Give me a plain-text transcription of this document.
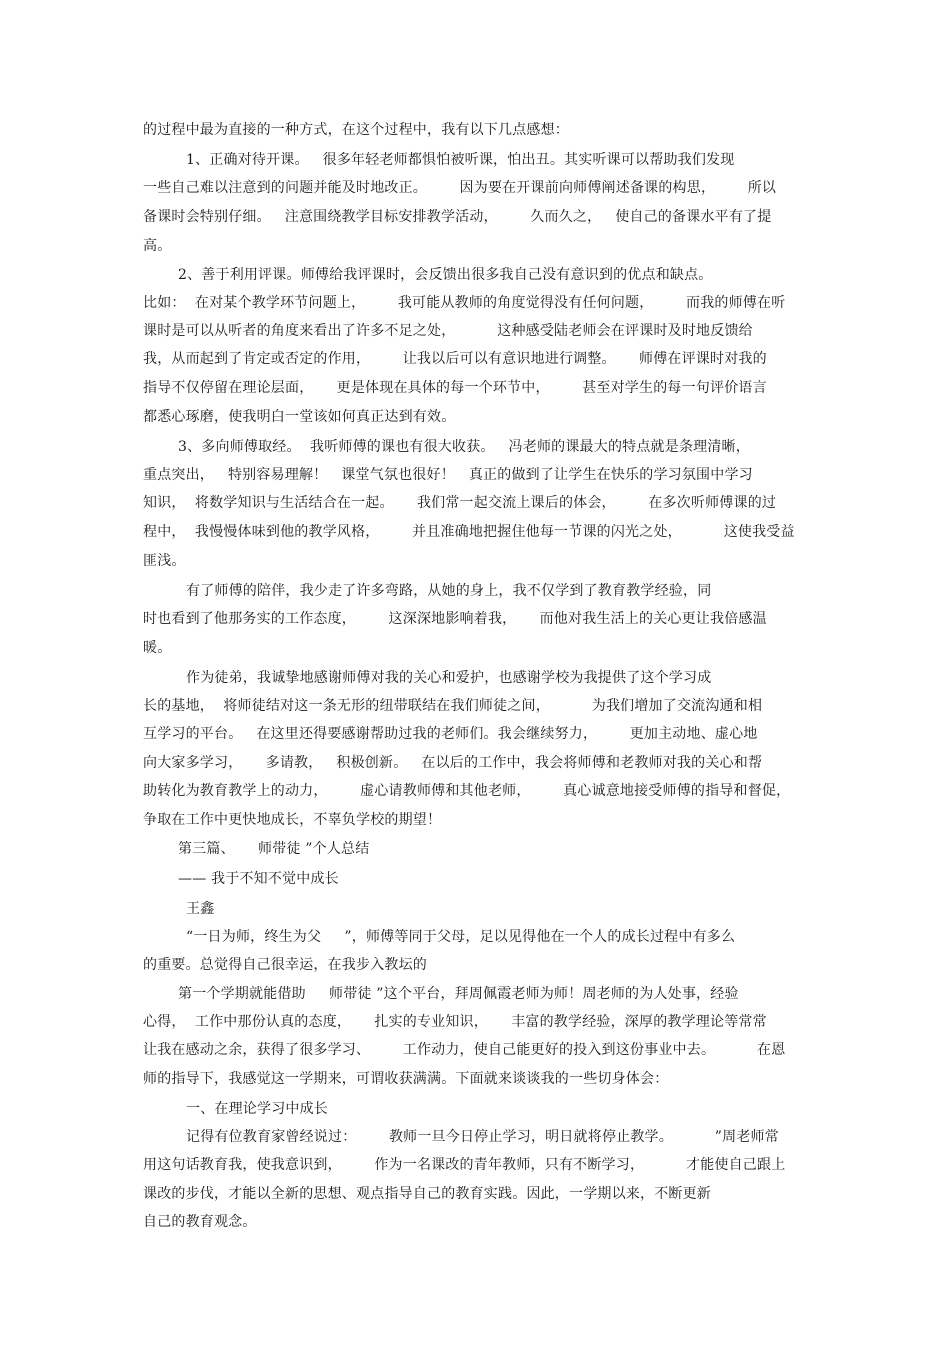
的过程中最为直接的一种方式，在这个过程中，我有以下几点感想：
1、正确对待开课。   很多年轻老师都惧怕被听课，怕出丑。其实听课可以帮助我们发现
一些自己难以注意到的问题并能及时地改正。       因为要在开课前向师傅阐述备课的构思，       所以
备课时会特别仔细。   注意围绕教学目标安排教学活动，       久而久之，   使自己的备课水平有了提
高。
2、善于利用评课。师傅给我评课时，会反馈出很多我自己没有意识到的优点和缺点。
比如：  在对某个教学环节问题上，       我可能从教师的角度觉得没有任何问题，       而我的师傅在听
课时是可以从听者的角度来看出了许多不足之处，         这种感受陆老师会在评课时及时地反馈给
我，从而起到了肯定或否定的作用，       让我以后可以有意识地进行调整。     师傅在评课时对我的
指导不仅停留在理论层面，     更是体现在具体的每一个环节中，       甚至对学生的每一句评价语言
都悉心琢磨，使我明白一堂该如何真正达到有效。
3、多向师傅取经。  我听师傅的课也有很大收获。   冯老师的课最大的特点就是条理清晰，
重点突出，   特别容易理解！   课堂气氛也很好！   真正的做到了让学生在快乐的学习氛围中学习
知识，  将数学知识与生活结合在一起。     我们常一起交流上课后的体会，       在多次听师傅课的过
程中，  我慢慢体味到他的教学风格，       并且准确地把握住他每一节课的闪光之处，         这使我受益
匪浅。
有了师傅的陪伴，我少走了许多弯路，从她的身上，我不仅学到了教育教学经验，同
时也看到了他那务实的工作态度，       这深深地影响着我，     而他对我生活上的关心更让我倍感温
暖。
作为徒弟，我诚挚地感谢师傅对我的关心和爱护，也感谢学校为我提供了这个学习成
长的基地，  将师徒结对这一条无形的纽带联结在我们师徒之间，         为我们增加了交流沟通和相
互学习的平台。   在这里还得要感谢帮助过我的老师们。我会继续努力，       更加主动地、虚心地
向大家多学习，     多请教，   积极创新。   在以后的工作中，我会将师傅和老教师对我的关心和帮
助转化为教育教学上的动力，       虚心请教师傅和其他老师，       真心诚意地接受师傅的指导和督促，
争取在工作中更快地成长，不辜负学校的期望！
第三篇、     师带徒 ”个人总结
—— 我于不知不觉中成长
王鑫
“一日为师，终生为父     ”，师傅等同于父母，足以见得他在一个人的成长过程中有多么
的重要。总觉得自己很幸运，在我步入教坛的
第一个学期就能借助     师带徒 ”这个平台，拜周佩霞老师为师！周老师的为人处事，经验
心得，  工作中那份认真的态度，     扎实的专业知识，     丰富的教学经验，深厚的教学理论等常常
让我在感动之余，获得了很多学习、       工作动力，使自己能更好的投入到这份事业中去。         在恩
师的指导下，我感觉这一学期来，可谓收获满满。下面就来谈谈我的一些切身体会：
一、在理论学习中成长
记得有位教育家曾经说过：       教师一旦今日停止学习，明日就将停止教学。         ”周老师常
用这句话教育我，使我意识到，       作为一名课改的青年教师，只有不断学习，         才能使自己跟上
课改的步伐，才能以全新的思想、观点指导自己的教育实践。因此，一学期以来，不断更新
自己的教育观念。
